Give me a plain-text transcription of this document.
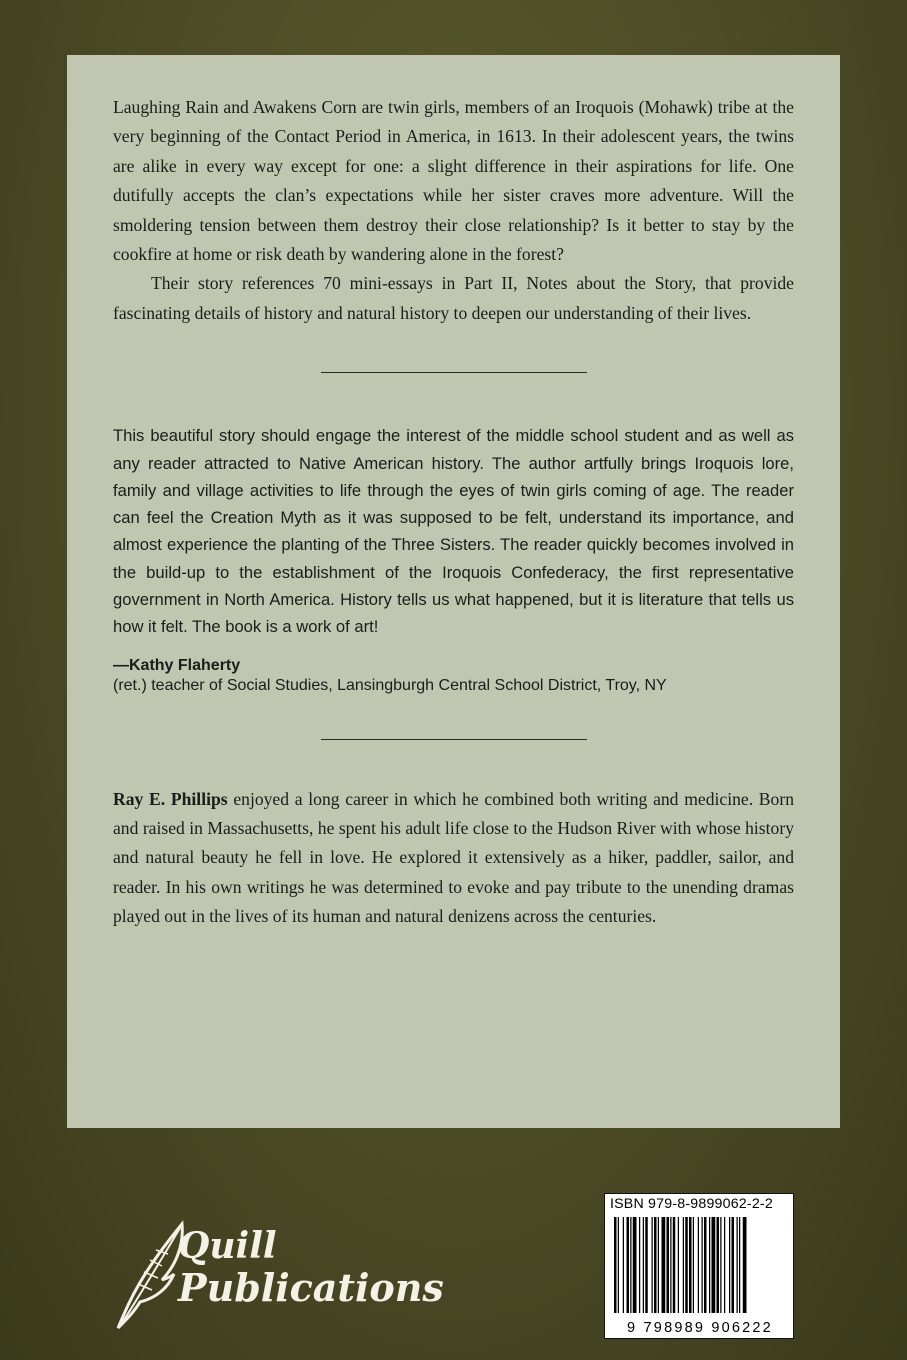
Laughing Rain and Awakens Corn are twin girls, members of an Iroquois (Mohawk) tribe at the very beginning of the Contact Period in America, in 1613. In their adolescent years, the twins are alike in every way except for one: a slight difference in their aspirations for life. One dutifully accepts the clan’s expectations while her sister craves more adventure. Will the smoldering tension between them destroy their close relationship? Is it better to stay by the cookfire at home or risk death by wandering alone in the forest?

Their story references 70 mini-essays in Part II, Notes about the Story, that provide fascinating details of history and natural history to deepen our understanding of their lives.

This beautiful story should engage the interest of the middle school student and as well as any reader attracted to Native American history. The author artfully brings Iroquois lore, family and village activities to life through the eyes of twin girls coming of age. The reader can feel the Creation Myth as it was supposed to be felt, understand its importance, and almost experience the planting of the Three Sisters. The reader quickly becomes involved in the build-up to the establishment of the Iroquois Confederacy, the first representative government in North America. History tells us what happened, but it is literature that tells us how it felt. The book is a work of art!

—Kathy Flaherty

(ret.) teacher of Social Studies, Lansingburgh Central School District, Troy, NY

Ray E. Phillips enjoyed a long career in which he combined both writing and medicine. Born and raised in Massachusetts, he spent his adult life close to the Hudson River with whose history and natural beauty he fell in love. He explored it extensively as a hiker, paddler, sailor, and reader. In his own writings he was determined to evoke and pay tribute to the unending dramas played out in the lives of its human and natural denizens across the centuries.

Quill
Publications
ISBN 979-8-9899062-2-2
9 798989 906222
